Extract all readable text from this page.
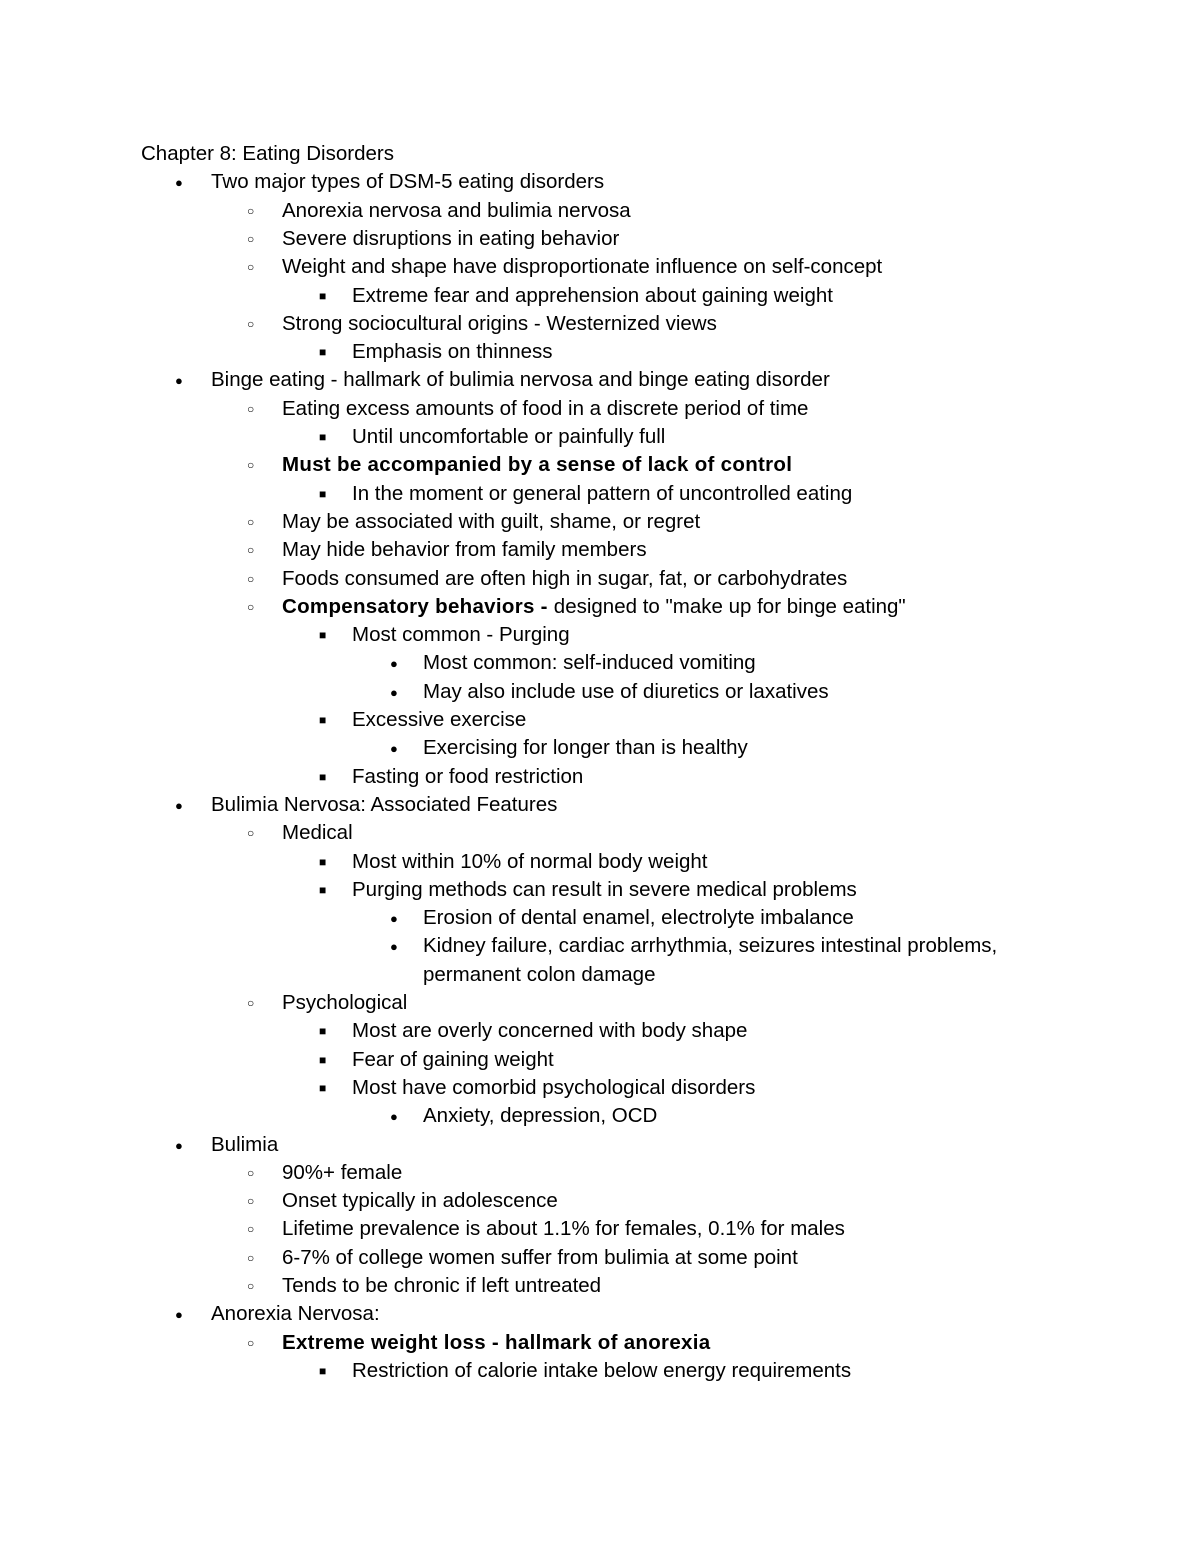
Chapter 8: Eating Disorders
● Two major types of DSM-5 eating disorders
○ Anorexia nervosa and bulimia nervosa
○ Severe disruptions in eating behavior
○ Weight and shape have disproportionate influence on self-concept
■ Extreme fear and apprehension about gaining weight
○ Strong sociocultural origins - Westernized views
■ Emphasis on thinness
● Binge eating - hallmark of bulimia nervosa and binge eating disorder
○ Eating excess amounts of food in a discrete period of time
■ Until uncomfortable or painfully full
○ Must be accompanied by a sense of lack of control
■ In the moment or general pattern of uncontrolled eating
○ May be associated with guilt, shame, or regret
○ May hide behavior from family members
○ Foods consumed are often high in sugar, fat, or carbohydrates
○ Compensatory behaviors - designed to "make up for binge eating"
■ Most common - Purging
● Most common: self-induced vomiting
● May also include use of diuretics or laxatives
■ Excessive exercise
● Exercising for longer than is healthy
■ Fasting or food restriction
● Bulimia Nervosa: Associated Features
○ Medical
■ Most within 10% of normal body weight
■ Purging methods can result in severe medical problems
● Erosion of dental enamel, electrolyte imbalance
● Kidney failure, cardiac arrhythmia, seizures intestinal problems,
permanent colon damage
○ Psychological
■ Most are overly concerned with body shape
■ Fear of gaining weight
■ Most have comorbid psychological disorders
● Anxiety, depression, OCD
● Bulimia
○ 90%+ female
○ Onset typically in adolescence
○ Lifetime prevalence is about 1.1% for females, 0.1% for males
○ 6-7% of college women suffer from bulimia at some point
○ Tends to be chronic if left untreated
● Anorexia Nervosa:
○ Extreme weight loss - hallmark of anorexia
■ Restriction of calorie intake below energy requirements
